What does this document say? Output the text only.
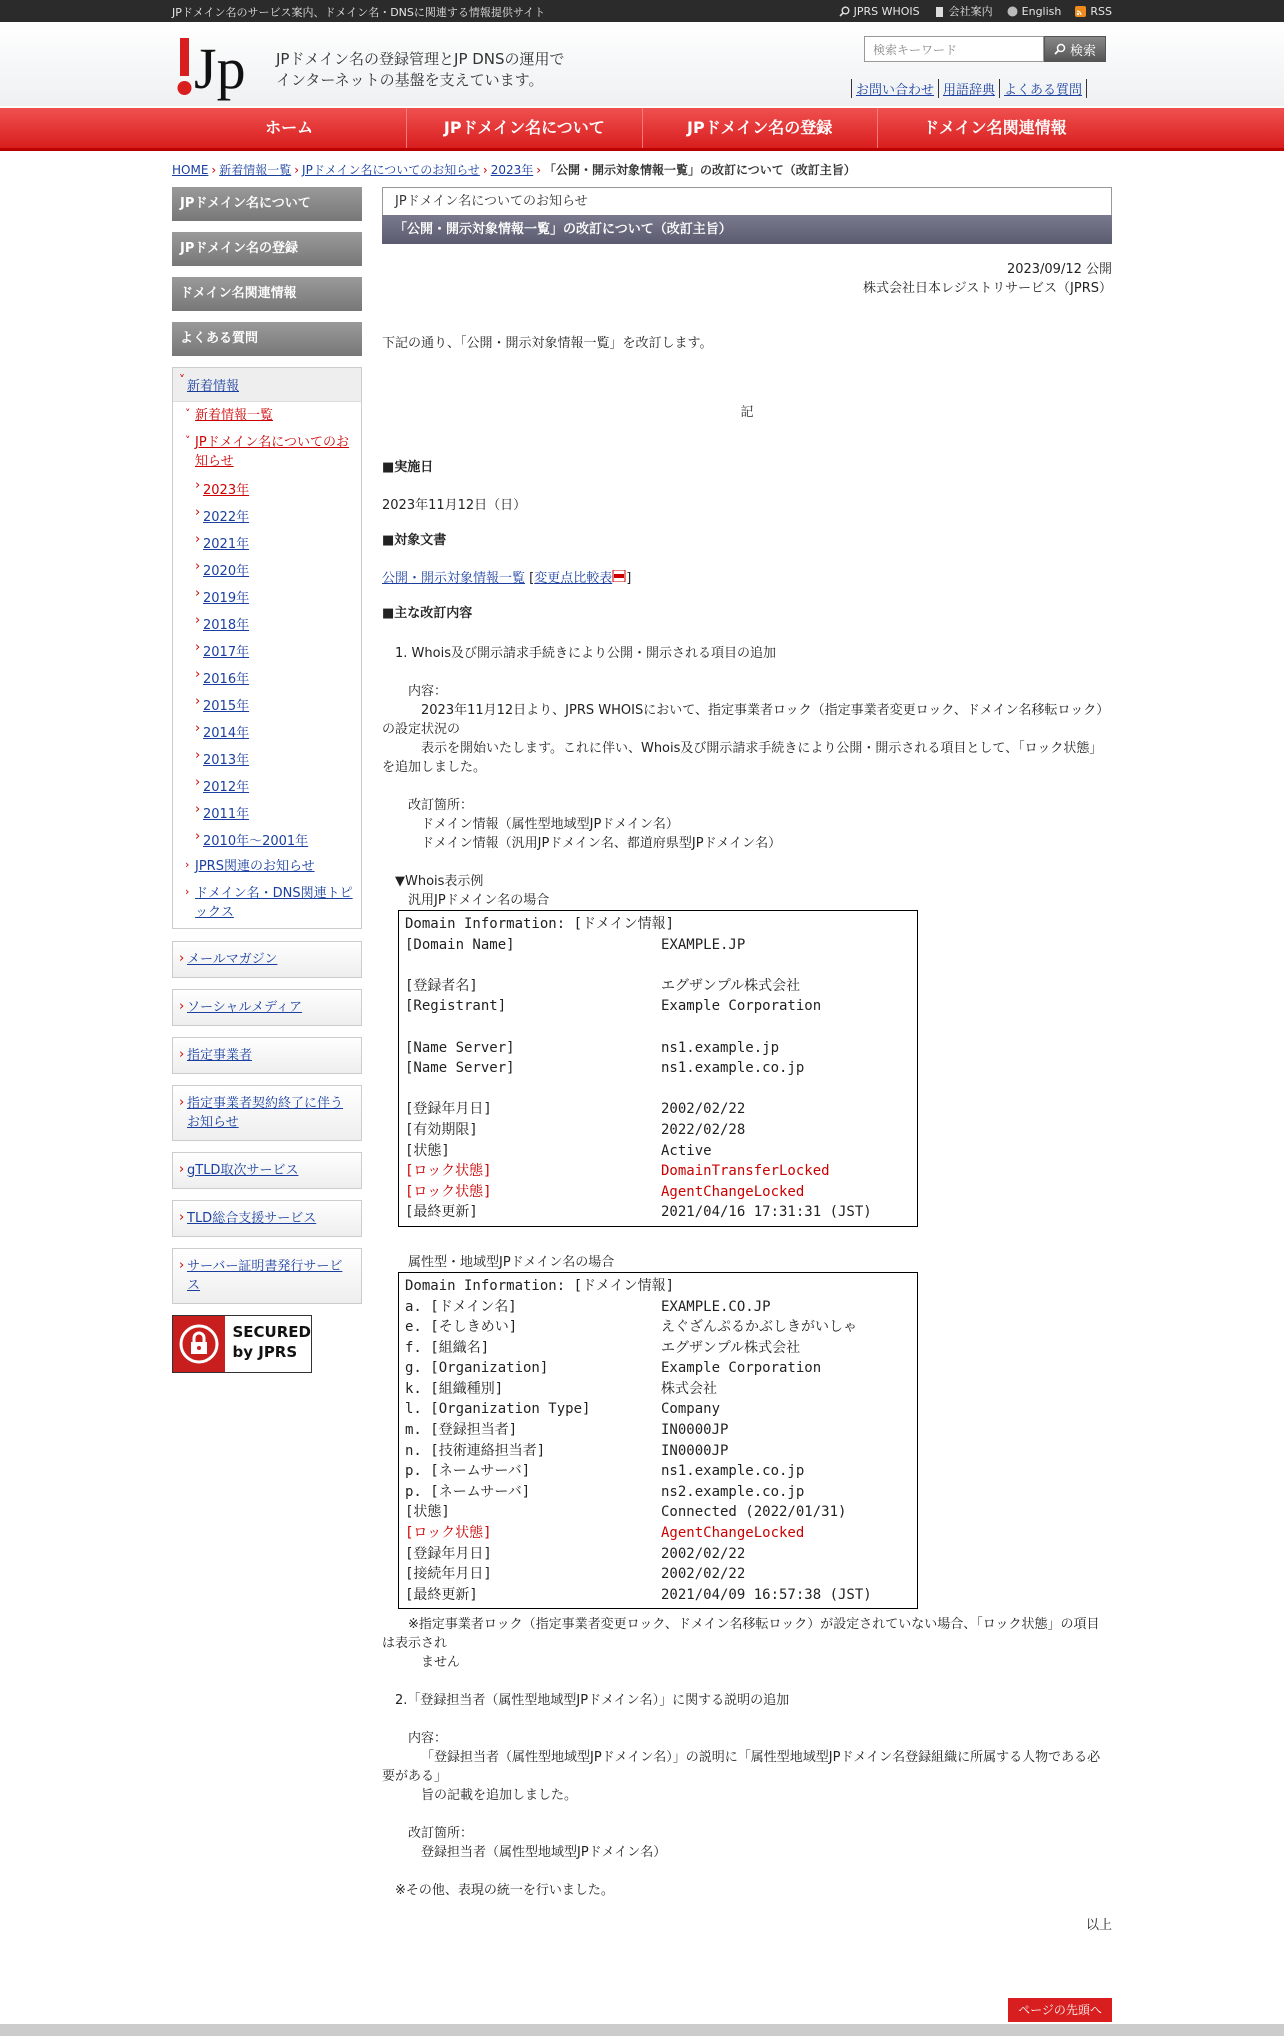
JPドメイン名のサービス案内、ドメイン名・DNSに関連する情報提供サイト	JPRS WHOIS	会社案内	English	RSS
Jp JPドメイン名の登録管理とJP DNSの運用で
インターネットの基盤を支えています。
検索キーワード	検索
お問い合わせ 用語辞典 よくある質問
ホーム	JPドメイン名について	JPドメイン名の登録	ドメイン名関連情報
HOME › 新着情報一覧 › JPドメイン名についてのお知らせ › 2023年 › 「公開・開示対象情報一覧」の改訂について（改訂主旨）
JPドメイン名について
JPドメイン名の登録
ドメイン名関連情報
よくある質問
˅ 新着情報
˅ 新着情報一覧
˅ JPドメイン名についてのお知らせ
› 2023年
› 2022年
› 2021年
› 2020年
› 2019年
› 2018年
› 2017年
› 2016年
› 2015年
› 2014年
› 2013年
› 2012年
› 2011年
› 2010年～2001年
› JPRS関連のお知らせ
› ドメイン名・DNS関連トピックス
› メールマガジン
› ソーシャルメディア
› 指定事業者
› 指定事業者契約終了に伴うお知らせ
› gTLD取次サービス
› TLD総合支援サービス
› サーバー証明書発行サービス
SECURED
by JPRS
JPドメイン名についてのお知らせ
「公開・開示対象情報一覧」の改訂について（改訂主旨）
2023/09/12 公開
株式会社日本レジストリサービス（JPRS）
下記の通り、「公開・開示対象情報一覧」を改訂します。
記
■実施日
2023年11月12日（日）
■対象文書
公開・開示対象情報一覧 [変更点比較表 ]
■主な改訂内容
1. Whois及び開示請求手続きにより公開・開示される項目の追加
内容：
2023年11月12日より、JPRS WHOISにおいて、指定事業者ロック（指定事業者変更ロック、ドメイン名移転ロック）の設定状況の
表示を開始いたします。これに伴い、Whois及び開示請求手続きにより公開・開示される項目として、「ロック状態」を追加しました。
改訂箇所：
ドメイン情報（属性型地域型JPドメイン名）
ドメイン情報（汎用JPドメイン名、都道府県型JPドメイン名）
▼Whois表示例
汎用JPドメイン名の場合
Domain Information: [ドメイン情報]
[Domain Name]	EXAMPLE.JP
[登録者名]	エグザンプル株式会社
[Registrant]	Example Corporation
[Name Server]	ns1.example.jp
[Name Server]	ns1.example.co.jp
[登録年月日]	2002/02/22
[有効期限]	2022/02/28
[状態]	Active
[ロック状態]	DomainTransferLocked
[ロック状態]	AgentChangeLocked
[最終更新]	2021/04/16 17:31:31 (JST)
属性型・地域型JPドメイン名の場合
Domain Information: [ドメイン情報]
a. [ドメイン名]	EXAMPLE.CO.JP
e. [そしきめい]	えぐざんぷるかぶしきがいしゃ
f. [組織名]	エグザンプル株式会社
g. [Organization]	Example Corporation
k. [組織種別]	株式会社
l. [Organization Type]	Company
m. [登録担当者]	IN0000JP
n. [技術連絡担当者]	IN0000JP
p. [ネームサーバ]	ns1.example.co.jp
p. [ネームサーバ]	ns2.example.co.jp
[状態]	Connected (2022/01/31)
[ロック状態]	AgentChangeLocked
[登録年月日]	2002/02/22
[接続年月日]	2002/02/22
[最終更新]	2021/04/09 16:57:38 (JST)
※指定事業者ロック（指定事業者変更ロック、ドメイン名移転ロック）が設定されていない場合、「ロック状態」の項目は表示され
ません
2.「登録担当者（属性型地域型JPドメイン名）」に関する説明の追加
内容：
「登録担当者（属性型地域型JPドメイン名）」の説明に「属性型地域型JPドメイン名登録組織に所属する人物である必要がある」
旨の記載を追加しました。
改訂箇所：
登録担当者（属性型地域型JPドメイン名）
※その他、表現の統一を行いました。
以上
ページの先頭へ
